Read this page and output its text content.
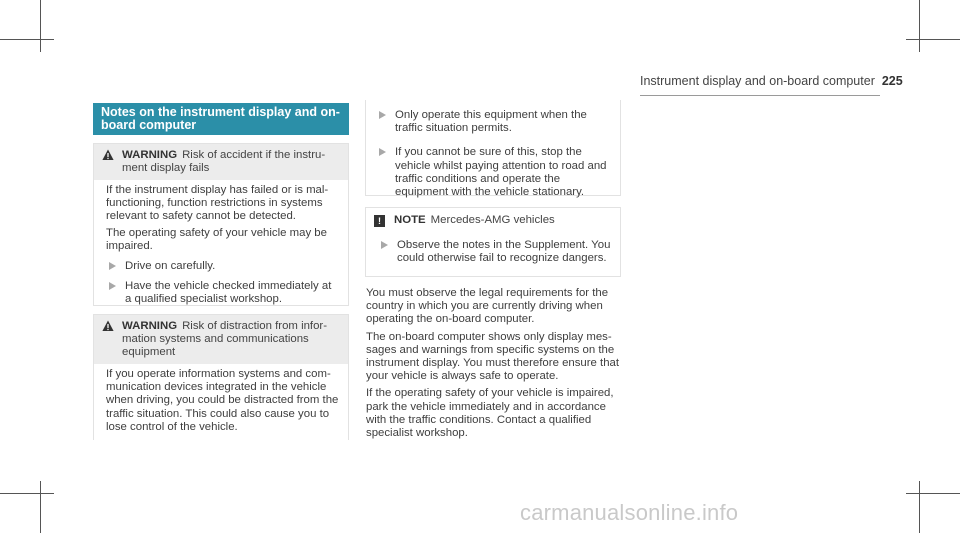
Instrument display and on-board computer 225
Notes on the instrument display and on-board computer
WARNING Risk of accident if the instru-
ment display fails

If the instrument display has failed or is mal-functioning, function restrictions in systems relevant to safety cannot be detected.

The operating safety of your vehicle may be impaired.

Drive on carefully.
Have the vehicle checked immediately at a qualified specialist workshop.
WARNING Risk of distraction from infor-
mation systems and communications equipment

If you operate information systems and com-munication devices integrated in the vehicle when driving, you could be distracted from the traffic situation. This could also cause you to lose control of the vehicle.

Only operate this equipment when the traffic situation permits.
If you cannot be sure of this, stop the vehicle whilst paying attention to road and traffic conditions and operate the equipment with the vehicle stationary.
!	NOTE Mercedes-AMG vehicles
Observe the notes in the Supplement. You could otherwise fail to recognize dangers.

You must observe the legal requirements for the country in which you are currently driving when operating the on-board computer.

The on-board computer shows only display mes-sages and warnings from specific systems on the instrument display. You must therefore ensure that your vehicle is always safe to operate.

If the operating safety of your vehicle is impaired, park the vehicle immediately and in accordance with the traffic conditions. Contact a qualified specialist workshop.

carmanualsonline.info
